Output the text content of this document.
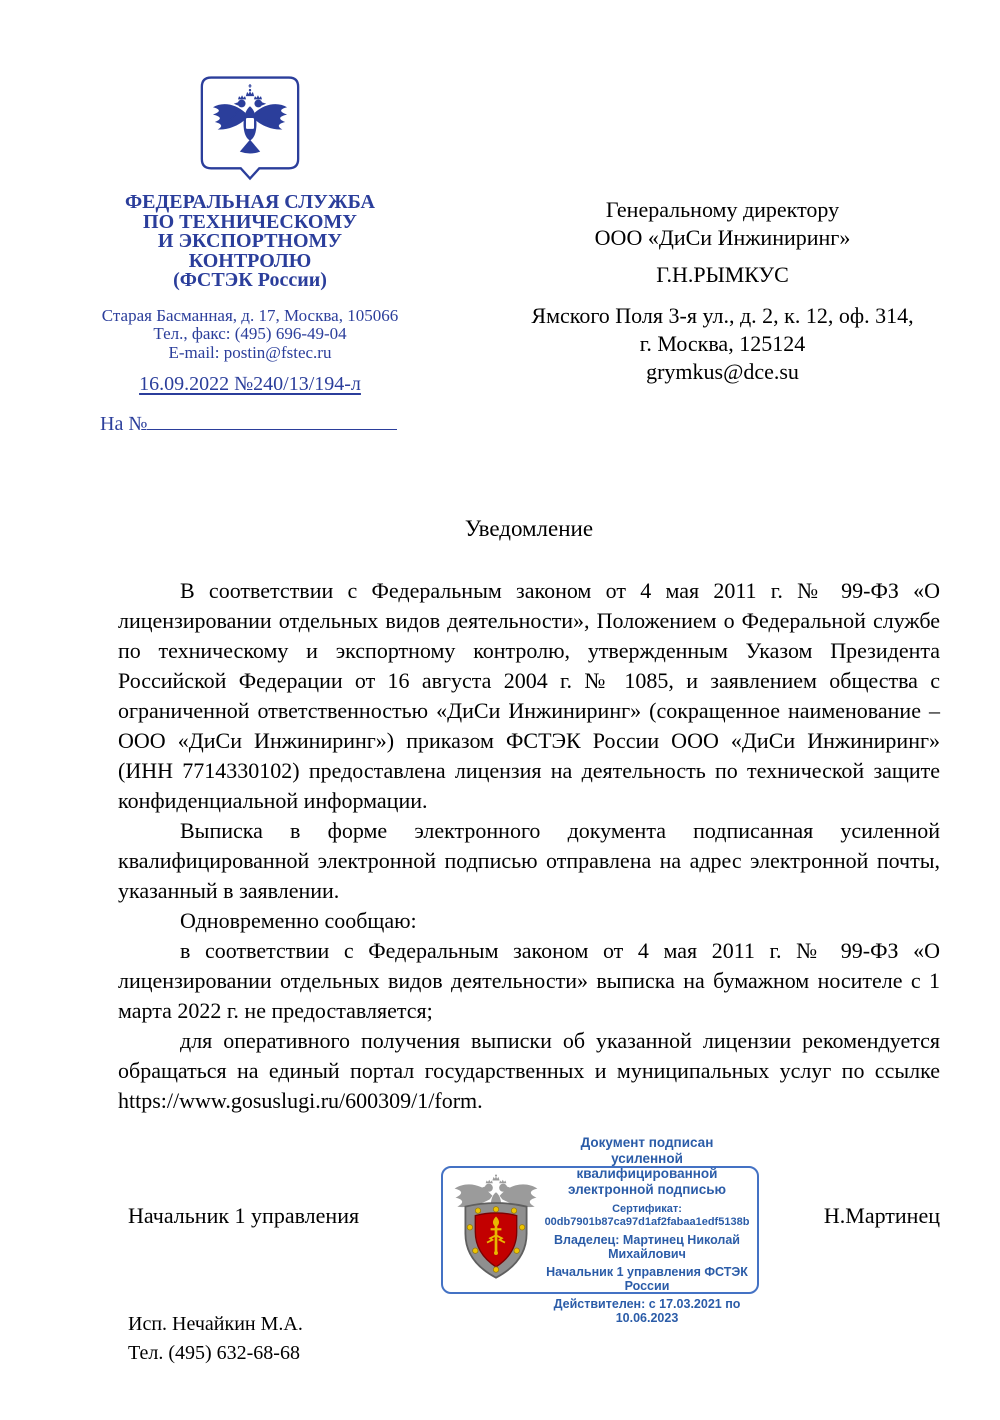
ФЕДЕРАЛЬНАЯ СЛУЖБА
ПО ТЕХНИЧЕСКОМУ
И ЭКСПОРТНОМУ
КОНТРОЛЮ
(ФСТЭК России)
Старая Басманная, д. 17, Москва, 105066
Тел., факс: (495) 696-49-04
E-mail: postin@fstec.ru
16.09.2022 №240/13/194-л
На №
Генеральному директору
ООО «ДиСи Инжиниринг»
Г.Н.РЫМКУС
Ямского Поля 3-я ул., д. 2, к. 12, оф. 314,
г. Москва, 125124
grymkus@dce.su
Уведомление

В соответствии с Федеральным законом от 4 мая 2011 г. № 99-ФЗ «О лицензировании отдельных видов деятельности», Положением о Федеральной службе по техническому и экспортному контролю, утвержденным Указом Президента Российской Федерации от 16 августа 2004 г. № 1085, и заявлением общества с ограниченной ответственностью «ДиСи Инжиниринг» (сокращенное наименование – ООО «ДиСи Инжиниринг») приказом ФСТЭК России ООО «ДиСи Инжиниринг» (ИНН 7714330102) предоставлена лицензия на деятельность по технической защите конфиденциальной информации.

Выписка в форме электронного документа подписанная усиленной квалифицированной электронной подписью отправлена на адрес электронной почты, указанный в заявлении.

Одновременно сообщаю:

в соответствии с Федеральным законом от 4 мая 2011 г. № 99-ФЗ «О лицензировании отдельных видов деятельности» выписка на бумажном носителе с 1 марта 2022 г. не предоставляется;

для оперативного получения выписки об указанной лицензии рекомендуется обращаться на единый портал государственных и муниципальных услуг по ссылке https://www.gosuslugi.ru/600309/1/form.

Начальник 1 управления	Н.Мартинец
Документ подписан
усиленной квалифицированной
электронной подписью
Сертификат: 00db7901b87ca97d1af2fabaa1edf5138b
Владелец: Мартинец Николай Михайлович
Начальник 1 управления ФСТЭК России
Действителен: с 17.03.2021 по 10.06.2023
Исп. Нечайкин М.А.
Тел. (495) 632-68-68
